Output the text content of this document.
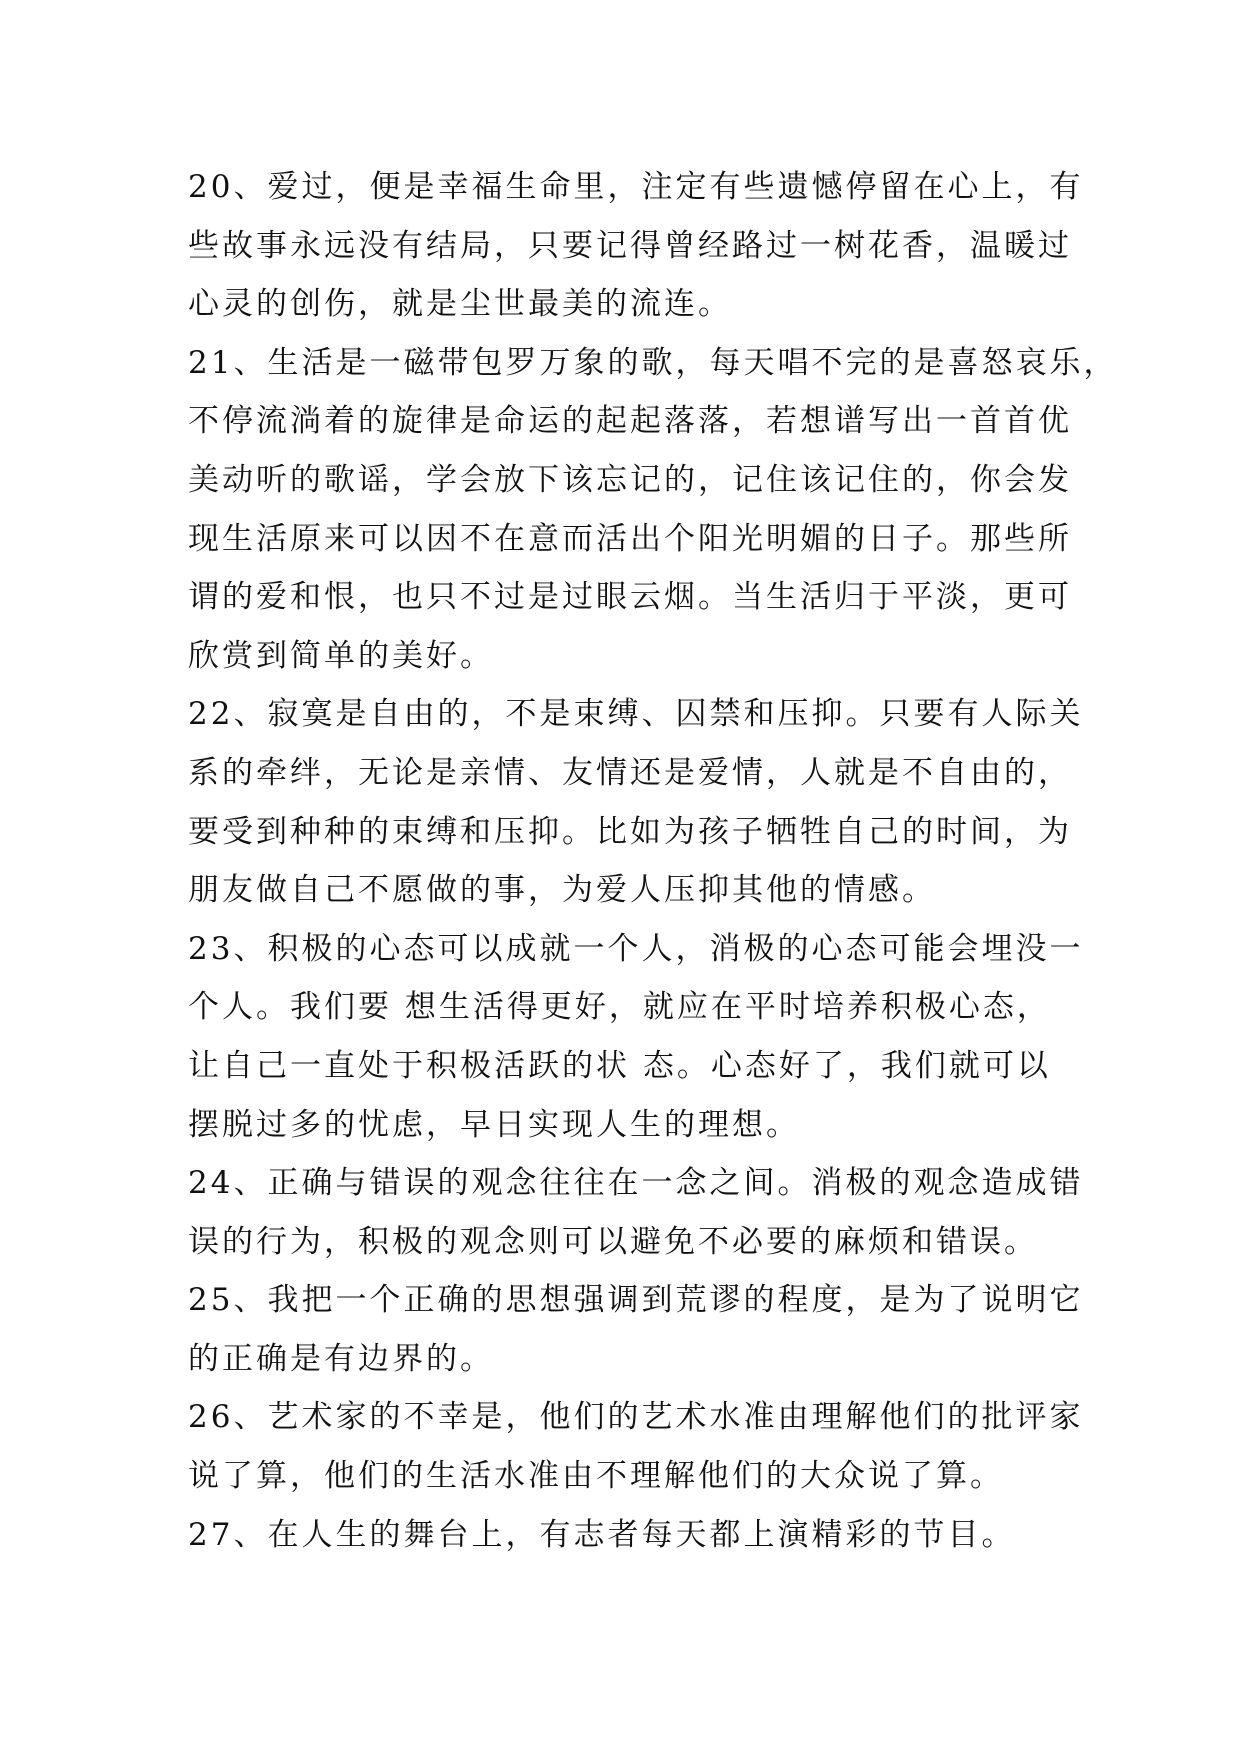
20、爱过，便是幸福生命里，注定有些遗憾停留在心上，有
些故事永远没有结局，只要记得曾经路过一树花香，温暖过
心灵的创伤，就是尘世最美的流连。

21、生活是一磁带包罗万象的歌，每天唱不完的是喜怒哀乐，
不停流淌着的旋律是命运的起起落落，若想谱写出一首首优
美动听的歌谣，学会放下该忘记的，记住该记住的，你会发
现生活原来可以因不在意而活出个阳光明媚的日子。那些所
谓的爱和恨，也只不过是过眼云烟。当生活归于平淡，更可
欣赏到简单的美好。

22、寂寞是自由的，不是束缚、囚禁和压抑。只要有人际关
系的牵绊，无论是亲情、友情还是爱情，人就是不自由的，
要受到种种的束缚和压抑。比如为孩子牺牲自己的时间，为
朋友做自己不愿做的事，为爱人压抑其他的情感。

23、积极的心态可以成就一个人，消极的心态可能会埋没一
个人。我们要 想生活得更好，就应在平时培养积极心态，
让自己一直处于积极活跃的状 态。心态好了，我们就可以
摆脱过多的忧虑，早日实现人生的理想。

24、正确与错误的观念往往在一念之间。消极的观念造成错
误的行为，积极的观念则可以避免不必要的麻烦和错误。

25、我把一个正确的思想强调到荒谬的程度，是为了说明它
的正确是有边界的。

26、艺术家的不幸是，他们的艺术水准由理解他们的批评家
说了算，他们的生活水准由不理解他们的大众说了算。

27、在人生的舞台上，有志者每天都上演精彩的节目。
